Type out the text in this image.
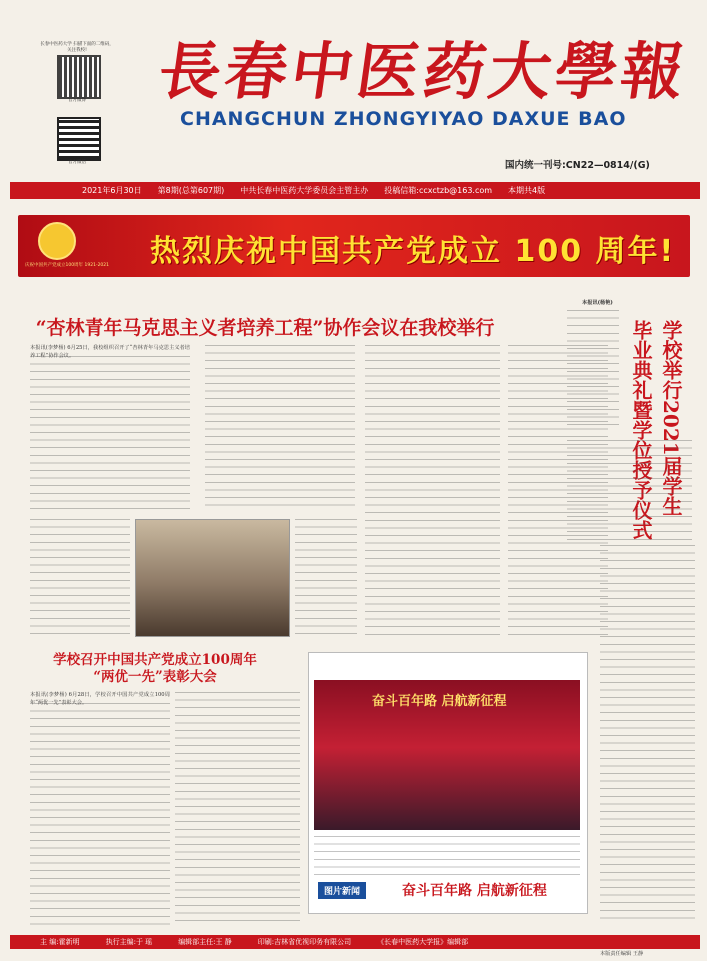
长春中医药大学 扫描下面的二维码，关注我校!
官方微博
官方微信
長春中医药大學報
CHANGCHUN ZHONGYIYAO DAXUE BAO
国内统一刊号:CN22—0814/(G)
2021年6月30日 第8期(总第607期) 中共长春中医药大学委员会主管主办 投稿信箱:ccxctzb@163.com 本期共4版
庆祝中国共产党成立100周年 1921-2021 热烈庆祝中国共产党成立 100 周年!
“杏林青年马克思主义者培养工程”协作会议在我校举行
本报讯(李梦杨) 6月25日，我校组织召开了“杏林青年马克思主义者培养工程”协作会议。
本报讯(杨艳)
学校举行2021届学生
毕业典礼暨学位授予仪式
学校召开中国共产党成立100周年
“两优一先”表彰大会
本报讯(李梦杨) 6月28日，学校召开中国共产党成立100周年“两优一先”表彰大会。	奋斗百年路 启航新征程
图片新闻	奋斗百年路 启航新征程
主 编:霍新明	执行主编:于 瑶	编辑部主任:王 静	印刷:吉林省优视印务有限公司	《长春中医药大学报》编辑部
本版责任编辑 王静
